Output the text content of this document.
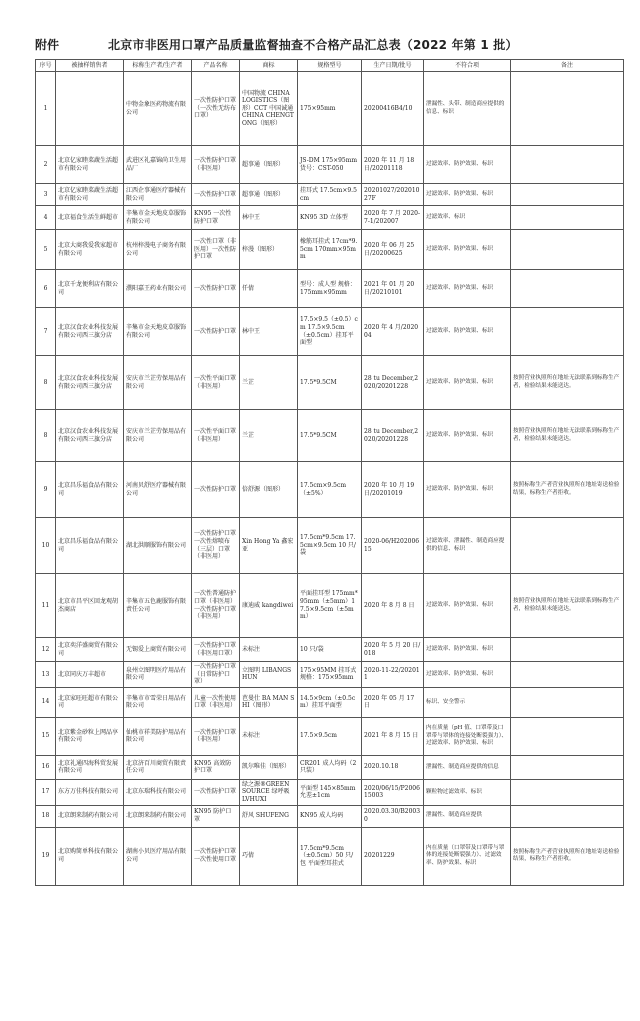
附件	北京市非医用口罩产品质量监督抽查不合格产品汇总表（2022 年第 1 批）
序号	被抽样销售者	标称生产者/生产者	产品名称	商标	规格型号	生产日期/批号	不符合项	备注
1		中物金象医药物流有限公司	一次性防护口罩（一次性无纺布口罩）	中国物流 CHINA LOGISTICS（图形）CCT 中国诚通 CHINA CHENGTONG（图形）	175×95mm	20200416B4/10	泄漏性、头带、制造商应提供的信息、标识	
2	北京亿家睦菜蔬生活超市有限公司	武进区礼嘉锦尚卫生用品厂	一次性防护口罩（非医用）	超事通（图形）	JS-DM 175×95mm 货号：CST-050	2020 年 11 月 18 日/20201118	过滤效率、防护效果、标识	
3	北京亿家睦菜蔬生活超市有限公司	江西企事通医疗器械有限公司	一次性防护口罩	超事通（图形）	挂耳式 17.5cm×9.5cm	20201027/20201027F	过滤效率、防护效果、标识	
4	北京福食生活生鲜超市	辛集市金天地皮草服饰有限公司	KN95 一次性防护口罩	林中王	KN95 3D 立体型	2020 年 7 月 2020-7-1/202007	过滤效率、标识	
5	北京大商我爱我家超市有限公司	杭州梓漫电子商务有限公司	一次性口罩（非医用）一次性防护口罩	梓漫（图形）	橡筋耳挂式 17cm*9.5cm 170mm×95mm	2020 年 06 月 25 日/20200625	过滤效率、防护效果、标识	
6	北京千龙便利店有限公司	濮阳嘉王药业有限公司	一次性防护口罩	仟倩	型号：成人型 规格：175mm×95mm	2021 年 01 月 20 日/20210101	过滤效率、防护效果、标识	
7	北京汉食农业科技发展有限公司西三旗分店	辛集市金天地皮草服饰有限公司	一次性防护口罩	林中王	17.5×9.5（±0.5）cm 17.5×9.5cm（±0.5cm）挂耳平面型	2020 年 4 月/202004	过滤效率、防护效果、标识	
8	北京汉食农业科技发展有限公司西三旗分店	安庆市兰芷劳保用品有限公司	一次性平面口罩（非医用）	兰芷	17.5*9.5CM	28 tu December,2020/20201228	过滤效率、防护效果、标识	按照营业执照所在地址无法联系到标称生产者，检验结果未能送达。
8	北京汉食农业科技发展有限公司西三旗分店	安庆市兰芷劳保用品有限公司	一次性平面口罩（非医用）	兰芷	17.5*9.5CM	28 tu December,2020/20201228	过滤效率、防护效果、标识	按照营业执照所在地址无法联系到标称生产者，检验结果未能送达。
9	北京昌乐福食品有限公司	河南贝舒医疗器械有限公司	一次性防护口罩	倍舒源（图形）	17.5cm×9.5cm（±5%）	2020 年 10 月 19 日/20201019	过滤效率、防护效果、标识	按照标称生产者营业执照所在地址寄送检验结果，标称生产者拒收。
10	北京昌乐福食品有限公司	湖北洪顺服饰有限公司	一次性防护口罩 一次性熔喷布（三层）口罩（非医用）	Xin Hong Ya 鑫宏亚	17.5cm*9.5cm 17.5cm×9.5cm 10 只/袋	2020-06/H20200615	过滤效率、泄漏性、制造商应提供的信息、标识	
11	北京市昌平区回龙观胡杰商店	辛集市五色鹿服饰有限责任公司	一次性普通防护口罩（非医用）一次性防护口罩（非医用）	康迪威 kangdiwei	平面挂耳型 175mm*95mm（±5mm）17.5×9.5cm（±5mm）	2020 年 8 月 8 日	过滤效率、防护效果、标识	按照营业执照所在地址无法联系到标称生产者，检验结果未能送达。
12	北京奕洋盛商贸有限公司	无锡爱上商贸有限公司	一次性防护口罩（非医用口罩）	未标注	10 只/袋	2020 年 5 月 20 日/018	过滤效率、防护效果、标识	
13	北京同庆万丰超市	泉州立图明医疗用品有限公司	一次性防护口罩（日常防护口罩）	立图明 LIBANGSHUN	175×95MM 挂耳式规格：175×95mm	2020-11-22/202011	过滤效率、防护效果、标识	
14	北京家旺旺超市有限公司	辛集市市雪荣日用品有限公司	儿童一次性使用口罩（非医用）	芭曼仕 BA MAN SHI（图形）	14.5×9cm（±0.5cm）挂耳平面型	2020 年 05 月 17 日	标识、安全警示	
15	北京紫金砂粒上网品享有限公司	仙桃市祥美防护用品有限公司	一次性防护口罩（非医用）	未标注	17.5×9.5cm	2021 年 8 月 15 日	内在质量（pH 值、口罩带及口罩带与罩体的连接处断裂强力）、过滤效率、防护效果、标识	
16	北京礼通四海科贸发展有限公司	北京济百川商贸有限责任公司	KN95 高效防护口罩	凯尔唯佳（图形）	CR201 成人均码（2 只装）	2020.10.18	泄漏性、制造商应提供的信息	
17	东方万佳科技有限公司	北京东瑞科技有限公司	一次性防护口罩	绿之源®GREEN SOURCE 绿呼吸 LVHUXI	平面型 145×85mm 允差±1cm	2020/06/15/P200615003	颗粒物过滤效率、标识	
18	北京朗来制药有限公司	北京朗来制药有限公司	KN95 防护口罩	舒风 SHUFENG	KN95 成人均码	2020.03.30/B20030	泄漏性、制造商应提供	
19	北京购简单科技有限公司	湖南小贝医疗用品有限公司	一次性防护口罩 一次性使用口罩	巧倩	17.5cm*9.5cm（±0.5cm）50 只/包 平面型耳挂式	20201229	内在质量（口罩带及口罩带与罩体的连接处断裂强力）、过滤效率、防护效果、标识	按照标称生产者营业执照所在地址寄送检验结果，标称生产者拒收。
